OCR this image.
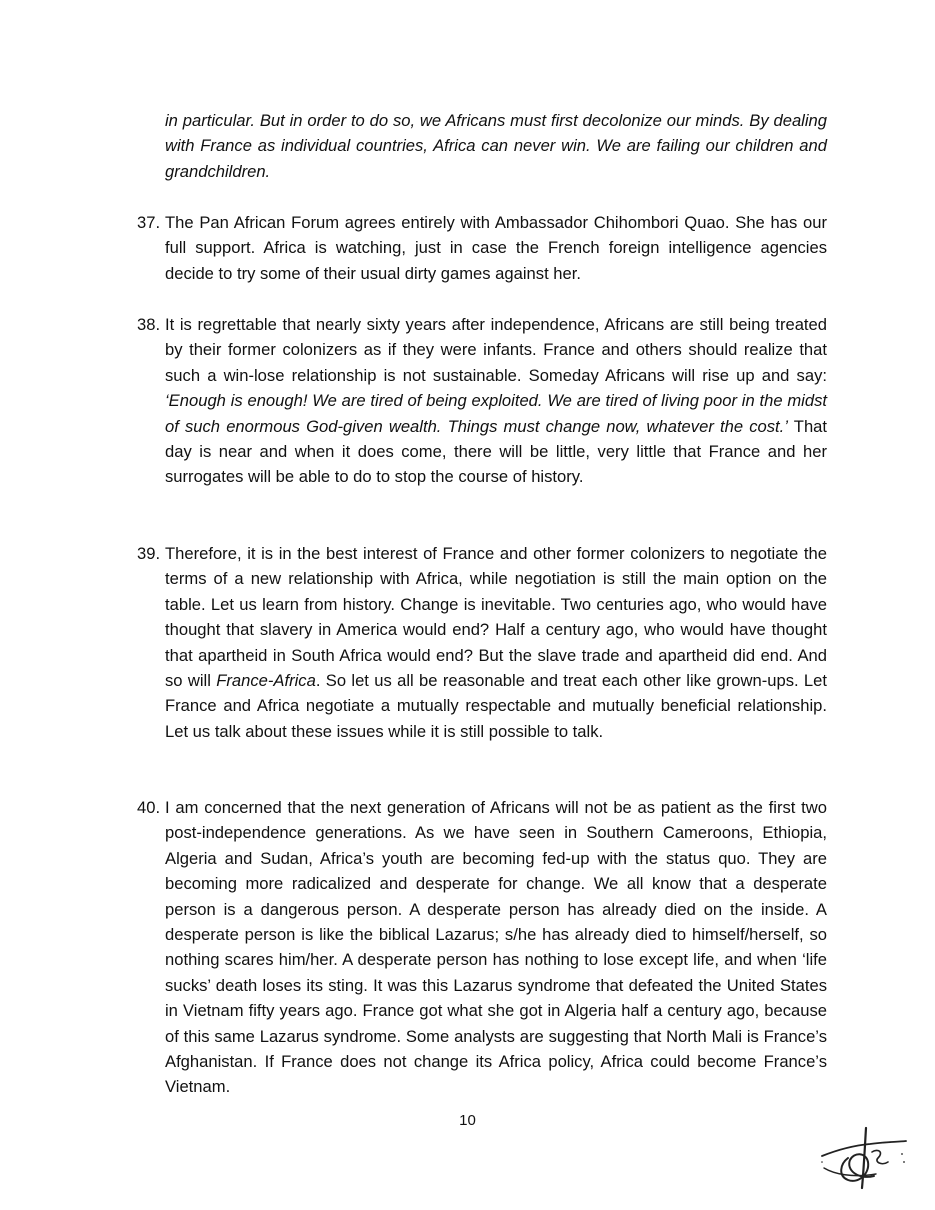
in particular. But in order to do so, we Africans must first decolonize our minds. By dealing with France as individual countries, Africa can never win. We are failing our children and grandchildren.
37. The Pan African Forum agrees entirely with Ambassador Chihombori Quao. She has our full support. Africa is watching, just in case the French foreign intelligence agencies decide to try some of their usual dirty games against her.
38. It is regrettable that nearly sixty years after independence, Africans are still being treated by their former colonizers as if they were infants. France and others should realize that such a win-lose relationship is not sustainable. Someday Africans will rise up and say: ‘Enough is enough! We are tired of being exploited. We are tired of living poor in the midst of such enormous God-given wealth. Things must change now, whatever the cost.’ That day is near and when it does come, there will be little, very little that France and her surrogates will be able to do to stop the course of history.
39. Therefore, it is in the best interest of France and other former colonizers to negotiate the terms of a new relationship with Africa, while negotiation is still the main option on the table. Let us learn from history. Change is inevitable. Two centuries ago, who would have thought that slavery in America would end? Half a century ago, who would have thought that apartheid in South Africa would end? But the slave trade and apartheid did end. And so will France-Africa. So let us all be reasonable and treat each other like grown-ups. Let France and Africa negotiate a mutually respectable and mutually beneficial relationship. Let us talk about these issues while it is still possible to talk.
40. I am concerned that the next generation of Africans will not be as patient as the first two post-independence generations. As we have seen in Southern Cameroons, Ethiopia, Algeria and Sudan, Africa’s youth are becoming fed-up with the status quo. They are becoming more radicalized and desperate for change. We all know that a desperate person is a dangerous person. A desperate person has already died on the inside. A desperate person is like the biblical Lazarus; s/he has already died to himself/herself, so nothing scares him/her. A desperate person has nothing to lose except life, and when ‘life sucks’ death loses its sting. It was this Lazarus syndrome that defeated the United States in Vietnam fifty years ago. France got what she got in Algeria half a century ago, because of this same Lazarus syndrome. Some analysts are suggesting that North Mali is France’s Afghanistan. If France does not change its Africa policy, Africa could become France’s Vietnam.
10
